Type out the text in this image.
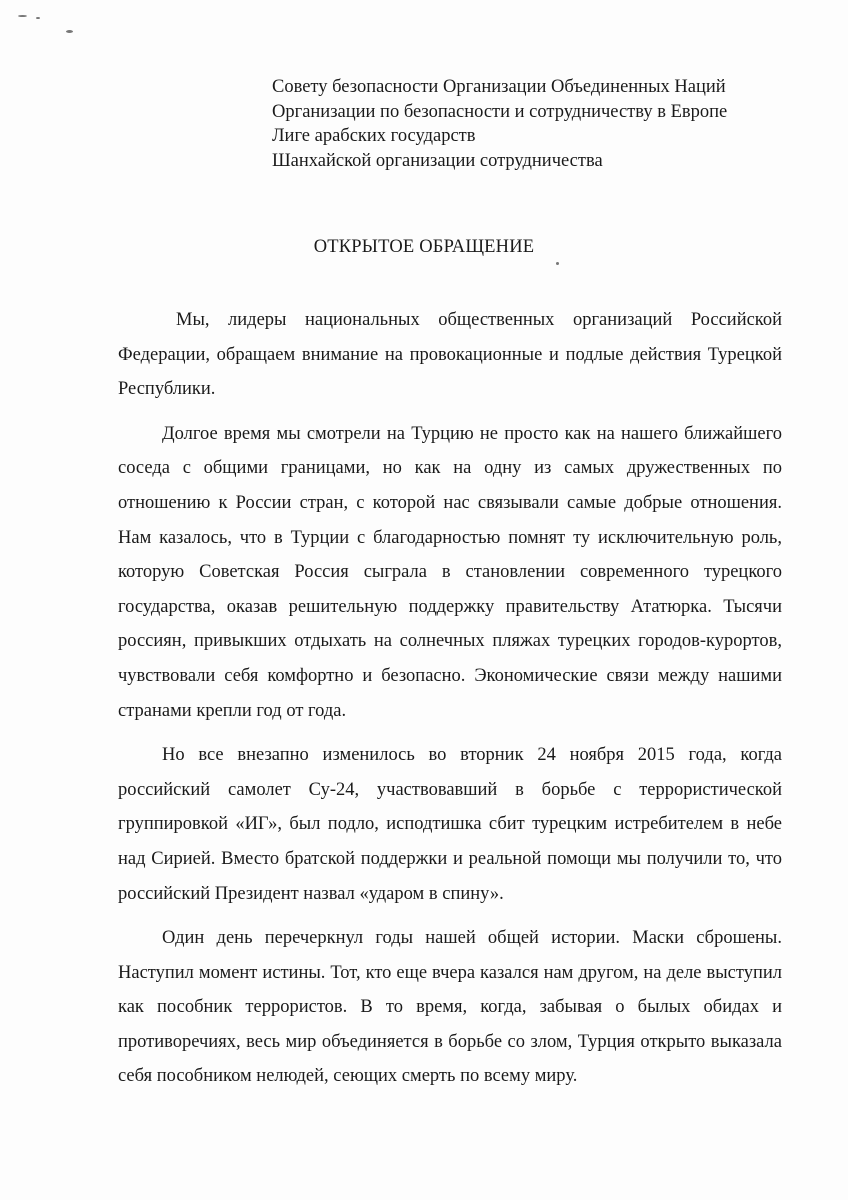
Совету безопасности Организации Объединенных Наций
Организации по безопасности и сотрудничеству в Европе
Лиге арабских государств
Шанхайской организации сотрудничества
ОТКРЫТОЕ ОБРАЩЕНИЕ

Мы, лидеры национальных общественных организаций Российской Федерации, обращаем внимание на провокационные и подлые действия Турецкой Республики.

Долгое время мы смотрели на Турцию не просто как на нашего ближайшего соседа с общими границами, но как на одну из самых дружественных по отношению к России стран, с которой нас связывали самые добрые отношения. Нам казалось, что в Турции с благодарностью помнят ту исключительную роль, которую Советская Россия сыграла в становлении современного турецкого государства, оказав решительную поддержку правительству Ататюрка. Тысячи россиян, привыкших отдыхать на солнечных пляжах турецких городов-курортов, чувствовали себя комфортно и безопасно. Экономические связи между нашими странами крепли год от года.

Но все внезапно изменилось во вторник 24 ноября 2015 года, когда российский самолет Су-24, участвовавший в борьбе с террористической группировкой «ИГ», был подло, исподтишка сбит турецким истребителем в небе над Сирией. Вместо братской поддержки и реальной помощи мы получили то, что российский Президент назвал «ударом в спину».

Один день перечеркнул годы нашей общей истории. Маски сброшены. Наступил момент истины. Тот, кто еще вчера казался нам другом, на деле выступил как пособник террористов. В то время, когда, забывая о былых обидах и противоречиях, весь мир объединяется в борьбе со злом, Турция открыто выказала себя пособником нелюдей, сеющих смерть по всему миру.
